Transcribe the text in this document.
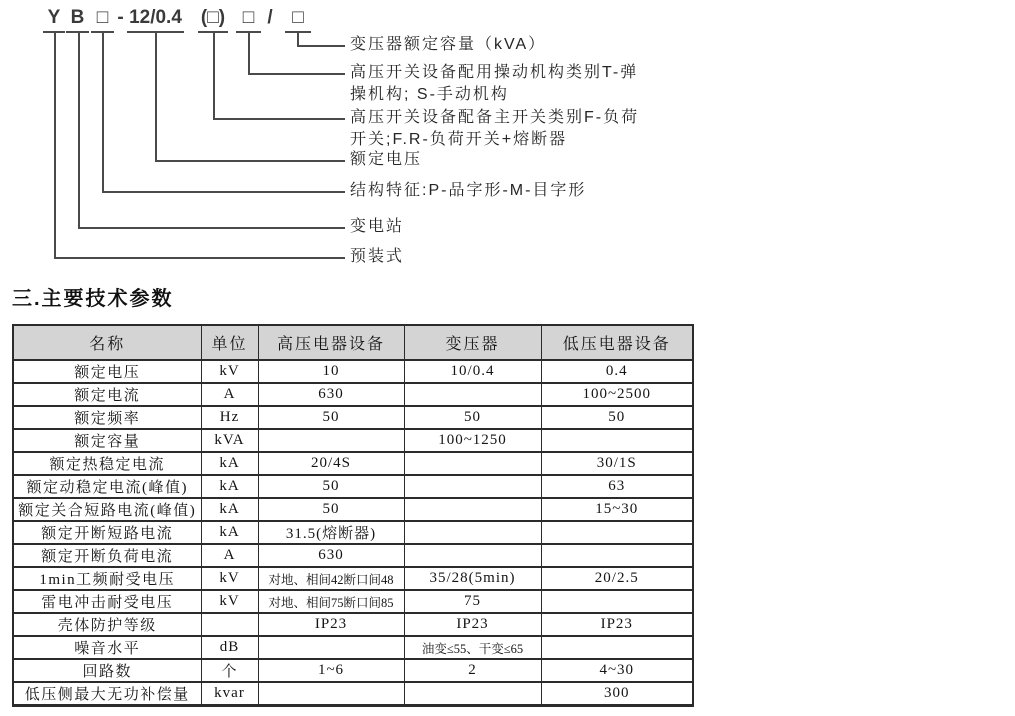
Y B □ - 12/0.4 (□) □ /	□
变压器额定容量（kVA）
高压开关设备配用操动机构类别T-弹
操机构; S-手动机构
高压开关设备配备主开关类别F-负荷
开关;F.R-负荷开关+熔断器
额定电压
结构特征:P-品字形-M-目字形
变电站
预装式
三.主要技术参数
名称	单位	高压电器设备	变压器	低压电器设备
额定电压	kV	10	10/0.4	0.4
额定电流	A	630		100~2500
额定频率	Hz	50	50	50
额定容量	kVA		100~1250	
额定热稳定电流	kA	20/4S		30/1S
额定动稳定电流(峰值)	kA	50		63
额定关合短路电流(峰值)	kA	50		15~30
额定开断短路电流	kA	31.5(熔断器)		
额定开断负荷电流	A	630		
1min工频耐受电压	kV	对地、相间42断口间48	35/28(5min)	20/2.5
雷电冲击耐受电压	kV	对地、相间75断口间85	75	
壳体防护等级		IP23	IP23	IP23
噪音水平	dB		油变≤55、干变≤65	
回路数	个	1~6	2	4~30
低压侧最大无功补偿量	kvar			300
